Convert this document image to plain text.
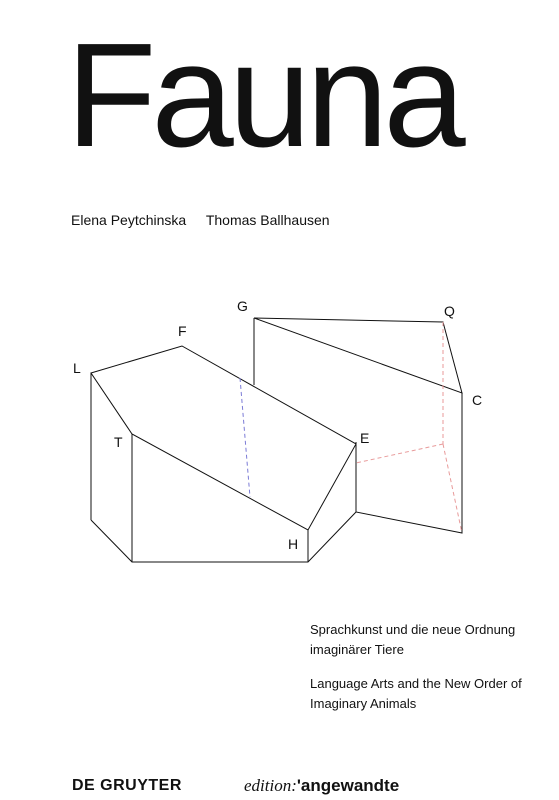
Fauna
Elena Peytchinska Thomas Ballhausen
G	Q
F
L
C
T	E
H
Sprachkunst und die neue Ordnung imaginärer Tiere
Language Arts and the New Order of Imaginary Animals
DE GRUYTER	edition:'angewandte
